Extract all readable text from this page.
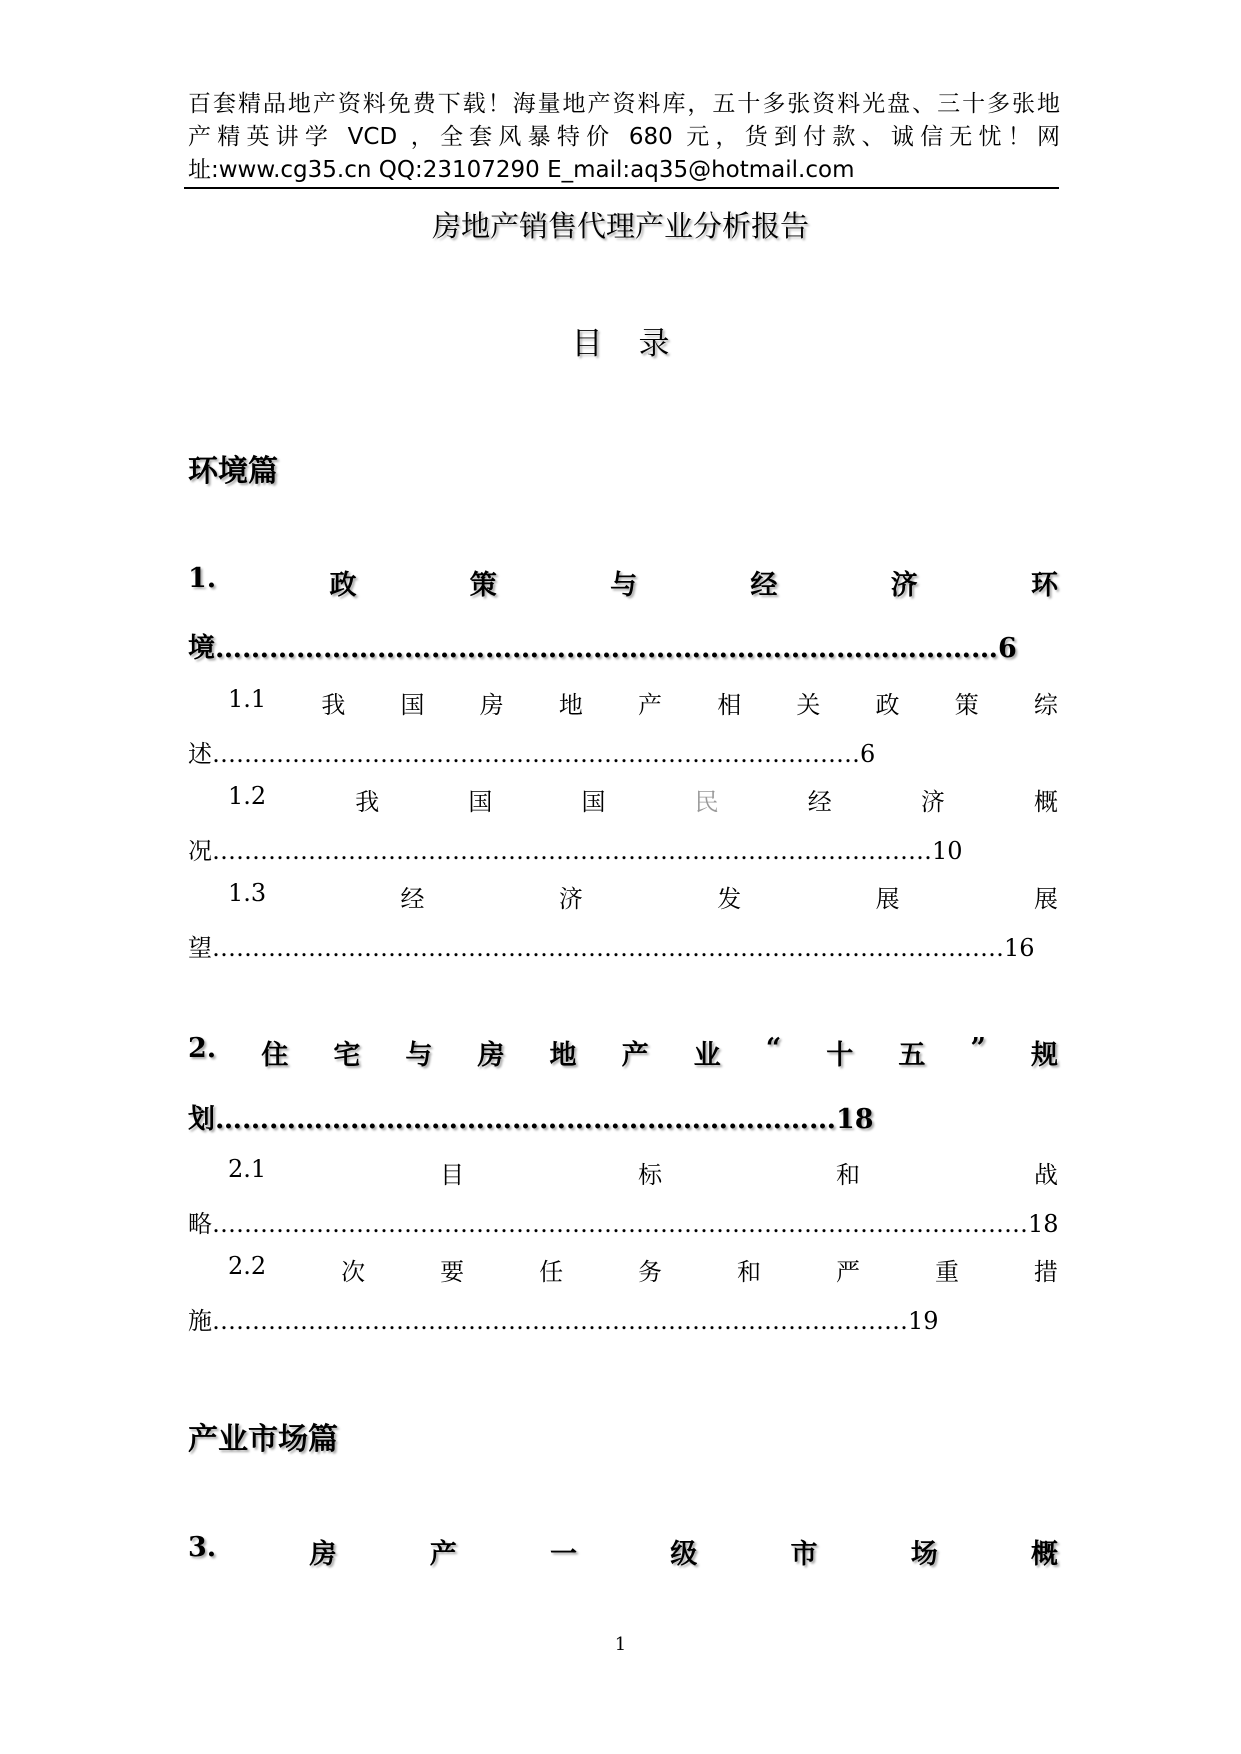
百套精品地产资料免费下载！海量地产资料库，五十多张资料光盘、三十多张地
产精英讲学 VCD ，全套风暴特价 680 元，货到付款、诚信无忧！网
址:www.cg35.cn QQ:23107290 E_mail:aq35@hotmail.com
房地产销售代理产业分析报告
目 录
环境篇
1.	政	策	与	经	济	环
境……………………………………………………………………………6
1.1 我 国 房 地 产 相 关 政 策 综
述………………………………………………………………………6
1.2	我	国	国	民	经	济	概
况………………………………………………………………………………10
1.3	经	济	发	展	展
望………………………………………………………………………………………16
2. 住 宅 与 房 地 产 业 “ 十 五 ” 规
划……………………………………………………………18
2.1	目	标	和	战
略…………………………………………………………………………………………18
2.2	次	要	任	务	和	严	重	措
施……………………………………………………………………………19
产业市场篇
3.	房	产	一	级	市	场	概
1
